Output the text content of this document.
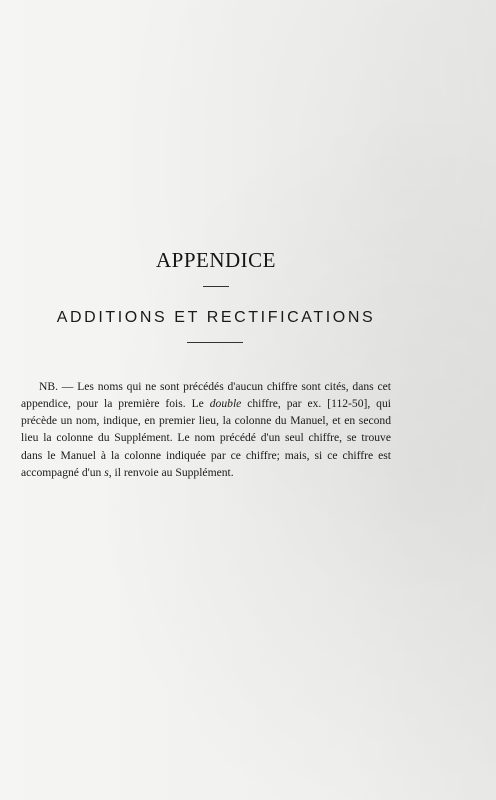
APPENDICE
ADDITIONS ET RECTIFICATIONS

NB. — Les noms qui ne sont précédés d'aucun chiffre sont cités, dans cet appendice, pour la première fois. Le double chiffre, par ex. [112-50], qui précède un nom, indique, en premier lieu, la colonne du Manuel, et en second lieu la colonne du Supplément. Le nom précédé d'un seul chiffre, se trouve dans le Manuel à la colonne indiquée par ce chiffre; mais, si ce chiffre est accompagné d'un s, il renvoie au Supplément.
